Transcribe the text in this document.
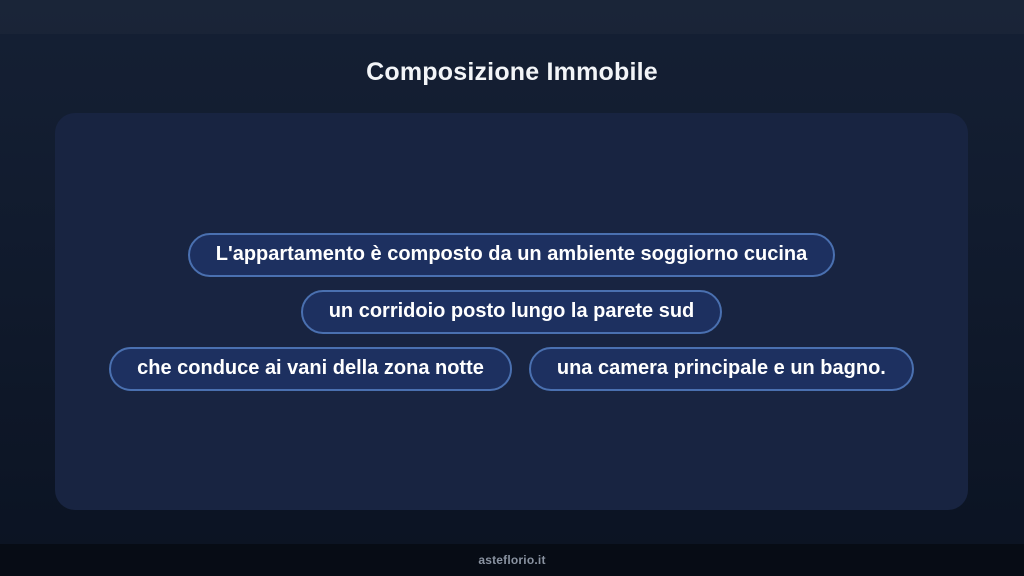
Composizione Immobile
L'appartamento è composto da un ambiente soggiorno cucina
un corridoio posto lungo la parete sud
che conduce ai vani della zona notte	una camera principale e un bagno.
asteflorio.it
